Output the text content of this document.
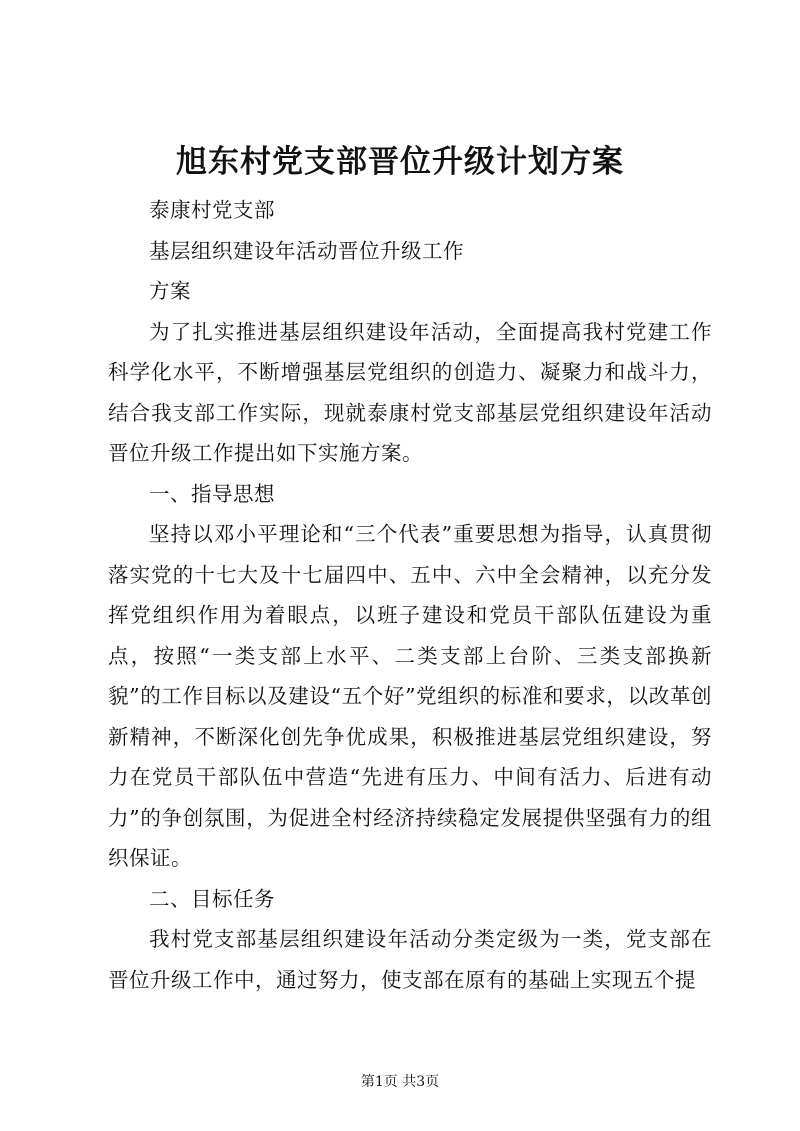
旭东村党支部晋位升级计划方案

泰康村党支部

基层组织建设年活动晋位升级工作

方案

为了扎实推进基层组织建设年活动，全面提高我村党建工作科学化水平，不断增强基层党组织的创造力、凝聚力和战斗力，结合我支部工作实际，现就泰康村党支部基层党组织建设年活动晋位升级工作提出如下实施方案。

一、指导思想

坚持以邓小平理论和“三个代表”重要思想为指导，认真贯彻落实党的十七大及十七届四中、五中、六中全会精神，以充分发挥党组织作用为着眼点，以班子建设和党员干部队伍建设为重点，按照“一类支部上水平、二类支部上台阶、三类支部换新貌”的工作目标以及建设“五个好”党组织的标准和要求，以改革创新精神，不断深化创先争优成果，积极推进基层党组织建设，努力在党员干部队伍中营造“先进有压力、中间有活力、后进有动力”的争创氛围，为促进全村经济持续稳定发展提供坚强有力的组织保证。

二、目标任务

我村党支部基层组织建设年活动分类定级为一类，党支部在晋位升级工作中，通过努力，使支部在原有的基础上实现五个提

第1页 共3页
